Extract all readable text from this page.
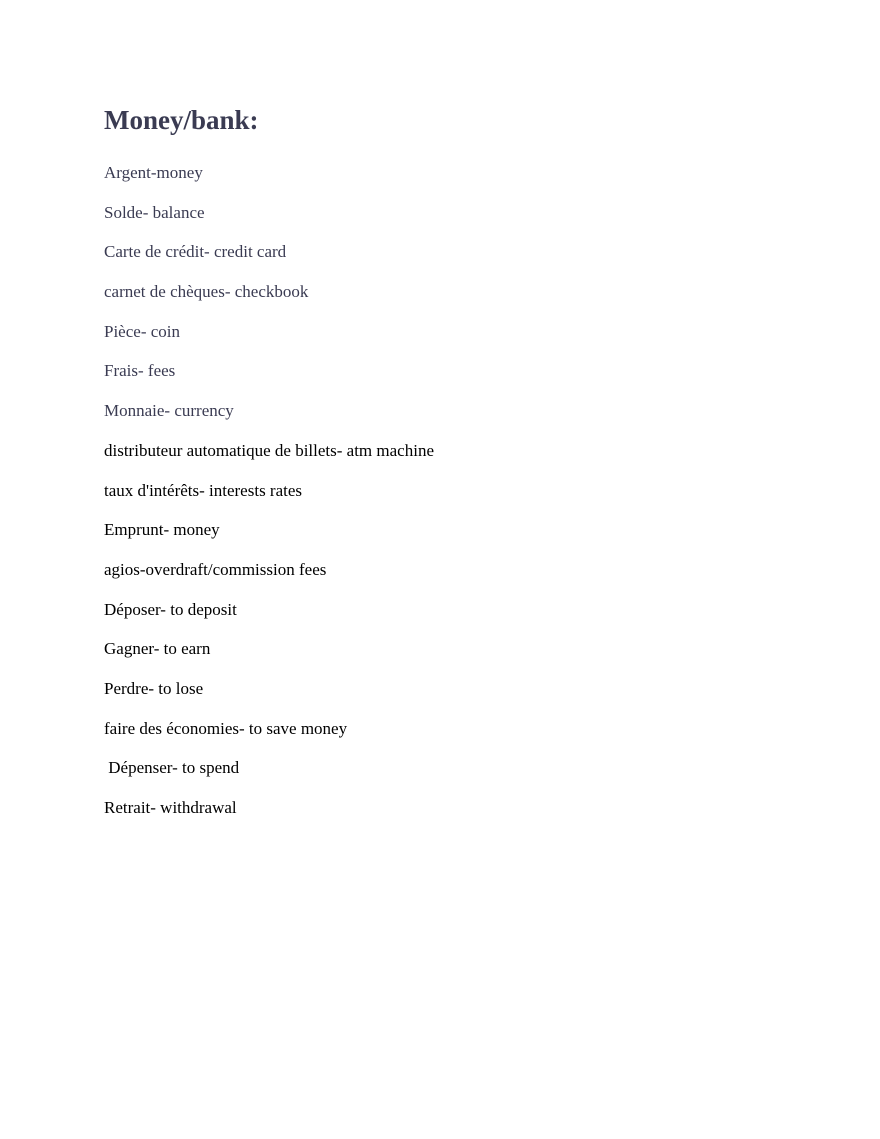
Money/bank:
Argent-money
Solde- balance
Carte de crédit- credit card
carnet de chèques- checkbook
Pièce- coin
Frais- fees
Monnaie- currency
distributeur automatique de billets- atm machine
taux d'intérêts- interests rates
Emprunt- money
agios-overdraft/commission fees
Déposer- to deposit
Gagner- to earn
Perdre- to lose
faire des économies- to save money
Dépenser- to spend
Retrait- withdrawal
